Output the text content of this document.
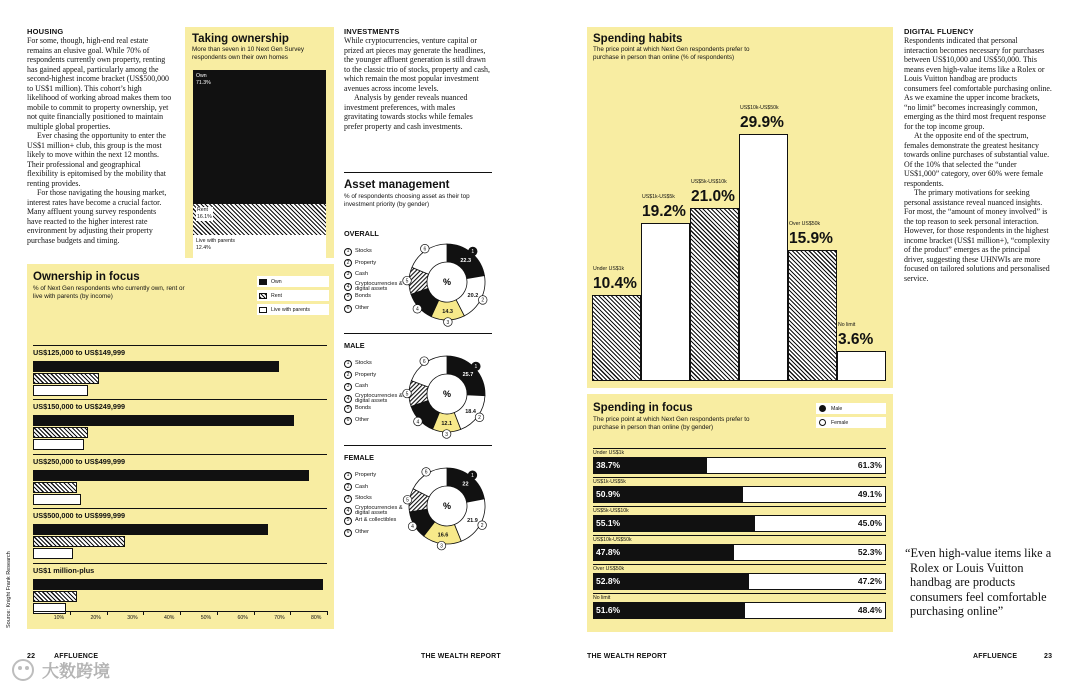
HOUSING

For some, though, high-end real estate remains an elusive goal. While 70% of respondents currently own property, renting has gained appeal, particularly among the second-highest income bracket (US$500,000 to US$1 million). This cohort’s high likelihood of working abroad makes them too mobile to commit to property ownership, yet not quite financially positioned to maintain multiple global properties.

Ever chasing the opportunity to enter the US$1 million+ club, this group is the most likely to move within the next 12 months. Their professional and geographical flexibility is epitomised by the mobility that renting provides.

For those navigating the housing market, interest rates have become a crucial factor. Many affluent young survey respondents have reacted to the higher interest rate environment by adjusting their property purchase budgets and timing.

Taking ownership
More than seven in 10 Next Gen Survey respondents own their own homes
Own
71.3%
Rent
16.1%
Live with parents
12.4%
Ownership in focus
% of Next Gen respondents who currently own, rent or live with parents (by income)
Own
Rent
Live with parents
US$125,000 to US$149,999
US$150,000 to US$249,999
US$250,000 to US$499,999
US$500,000 to US$999,999
US$1 million-plus
10%	20%	30%	40%	50%	60%	70%	80%
Source: Knight Frank Research
INVESTMENTS

While cryptocurrencies, venture capital or prized art pieces may generate the headlines, the younger affluent generation is still drawn to the classic trio of stocks, property and cash, which remain the most popular investment avenues across income levels.

Analysis by gender reveals nuanced investment preferences, with males gravitating towards stocks while females prefer property and cash investments.

Asset management
% of respondents choosing asset as their top investment priority (by gender)
OVERALL
1	Stocks
2	Property
3	Cash
4	Cryptocurrencies & digital assets
5	Bonds
6	Other
22.3
1
20.2
2
14.3
3
4
5
6
%
MALE
1	Stocks
2	Property
3	Cash
4	Cryptocurrencies & digital assets
5	Bonds
6	Other
25.7
1
18.4
2
12.1
3
4
5
6
%
FEMALE
1	Property
2	Cash
3	Stocks
4	Cryptocurrencies & digital assets
5	Art & collectibles
6	Other
22
1
21.9
2
16.6
3
4
5
6
%
Spending habits
The price point at which Next Gen respondents prefer to purchase in person than online (% of respondents)
10.4%
Under US$1k
19.2%
US$1k-US$5k 21.0%
US$5k-US$10k
29.9%
US$10k-US$50k
15.9%
Over US$50k
3.6%
No limit
Spending in focus
The price point at which Next Gen respondents prefer to purchase in person than online (by gender)
Male
Female
Under US$1k
38.7%	61.3%
US$1k-US$5k
50.9%	49.1%
US$5k-US$10k
55.1%	45.0%
US$10k-US$50k
47.8%	52.3%
Over US$50k
52.8%	47.2%
No limit
51.6%	48.4%
DIGITAL FLUENCY

Respondents indicated that personal interaction becomes necessary for purchases between US$10,000 and US$50,000. This means even high-value items like a Rolex or Louis Vuitton handbag are products consumers feel comfortable purchasing online. As we examine the upper income brackets, “no limit” becomes increasingly common, emerging as the third most frequent response for the top income group.

At the opposite end of the spectrum, females demonstrate the greatest hesitancy towards online purchases of substantial value. Of the 10% that selected the “under US$1,000” category, over 60% were female respondents.

The primary motivations for seeking personal assistance reveal nuanced insights. For most, the “amount of money involved” is the top reason to seek personal interaction. However, for those respondents in the highest income bracket (US$1 million+), “complexity of the product” emerges as the principal driver, suggesting these UHNWIs are more focused on tailored solutions and personalised service.

“Even high-value items like a Rolex or Louis Vuitton handbag are products consumers feel comfortable purchasing online”
22	AFFLUENCE	THE WEALTH REPORT	THE WEALTH REPORT	AFFLUENCE	23
大数跨境
